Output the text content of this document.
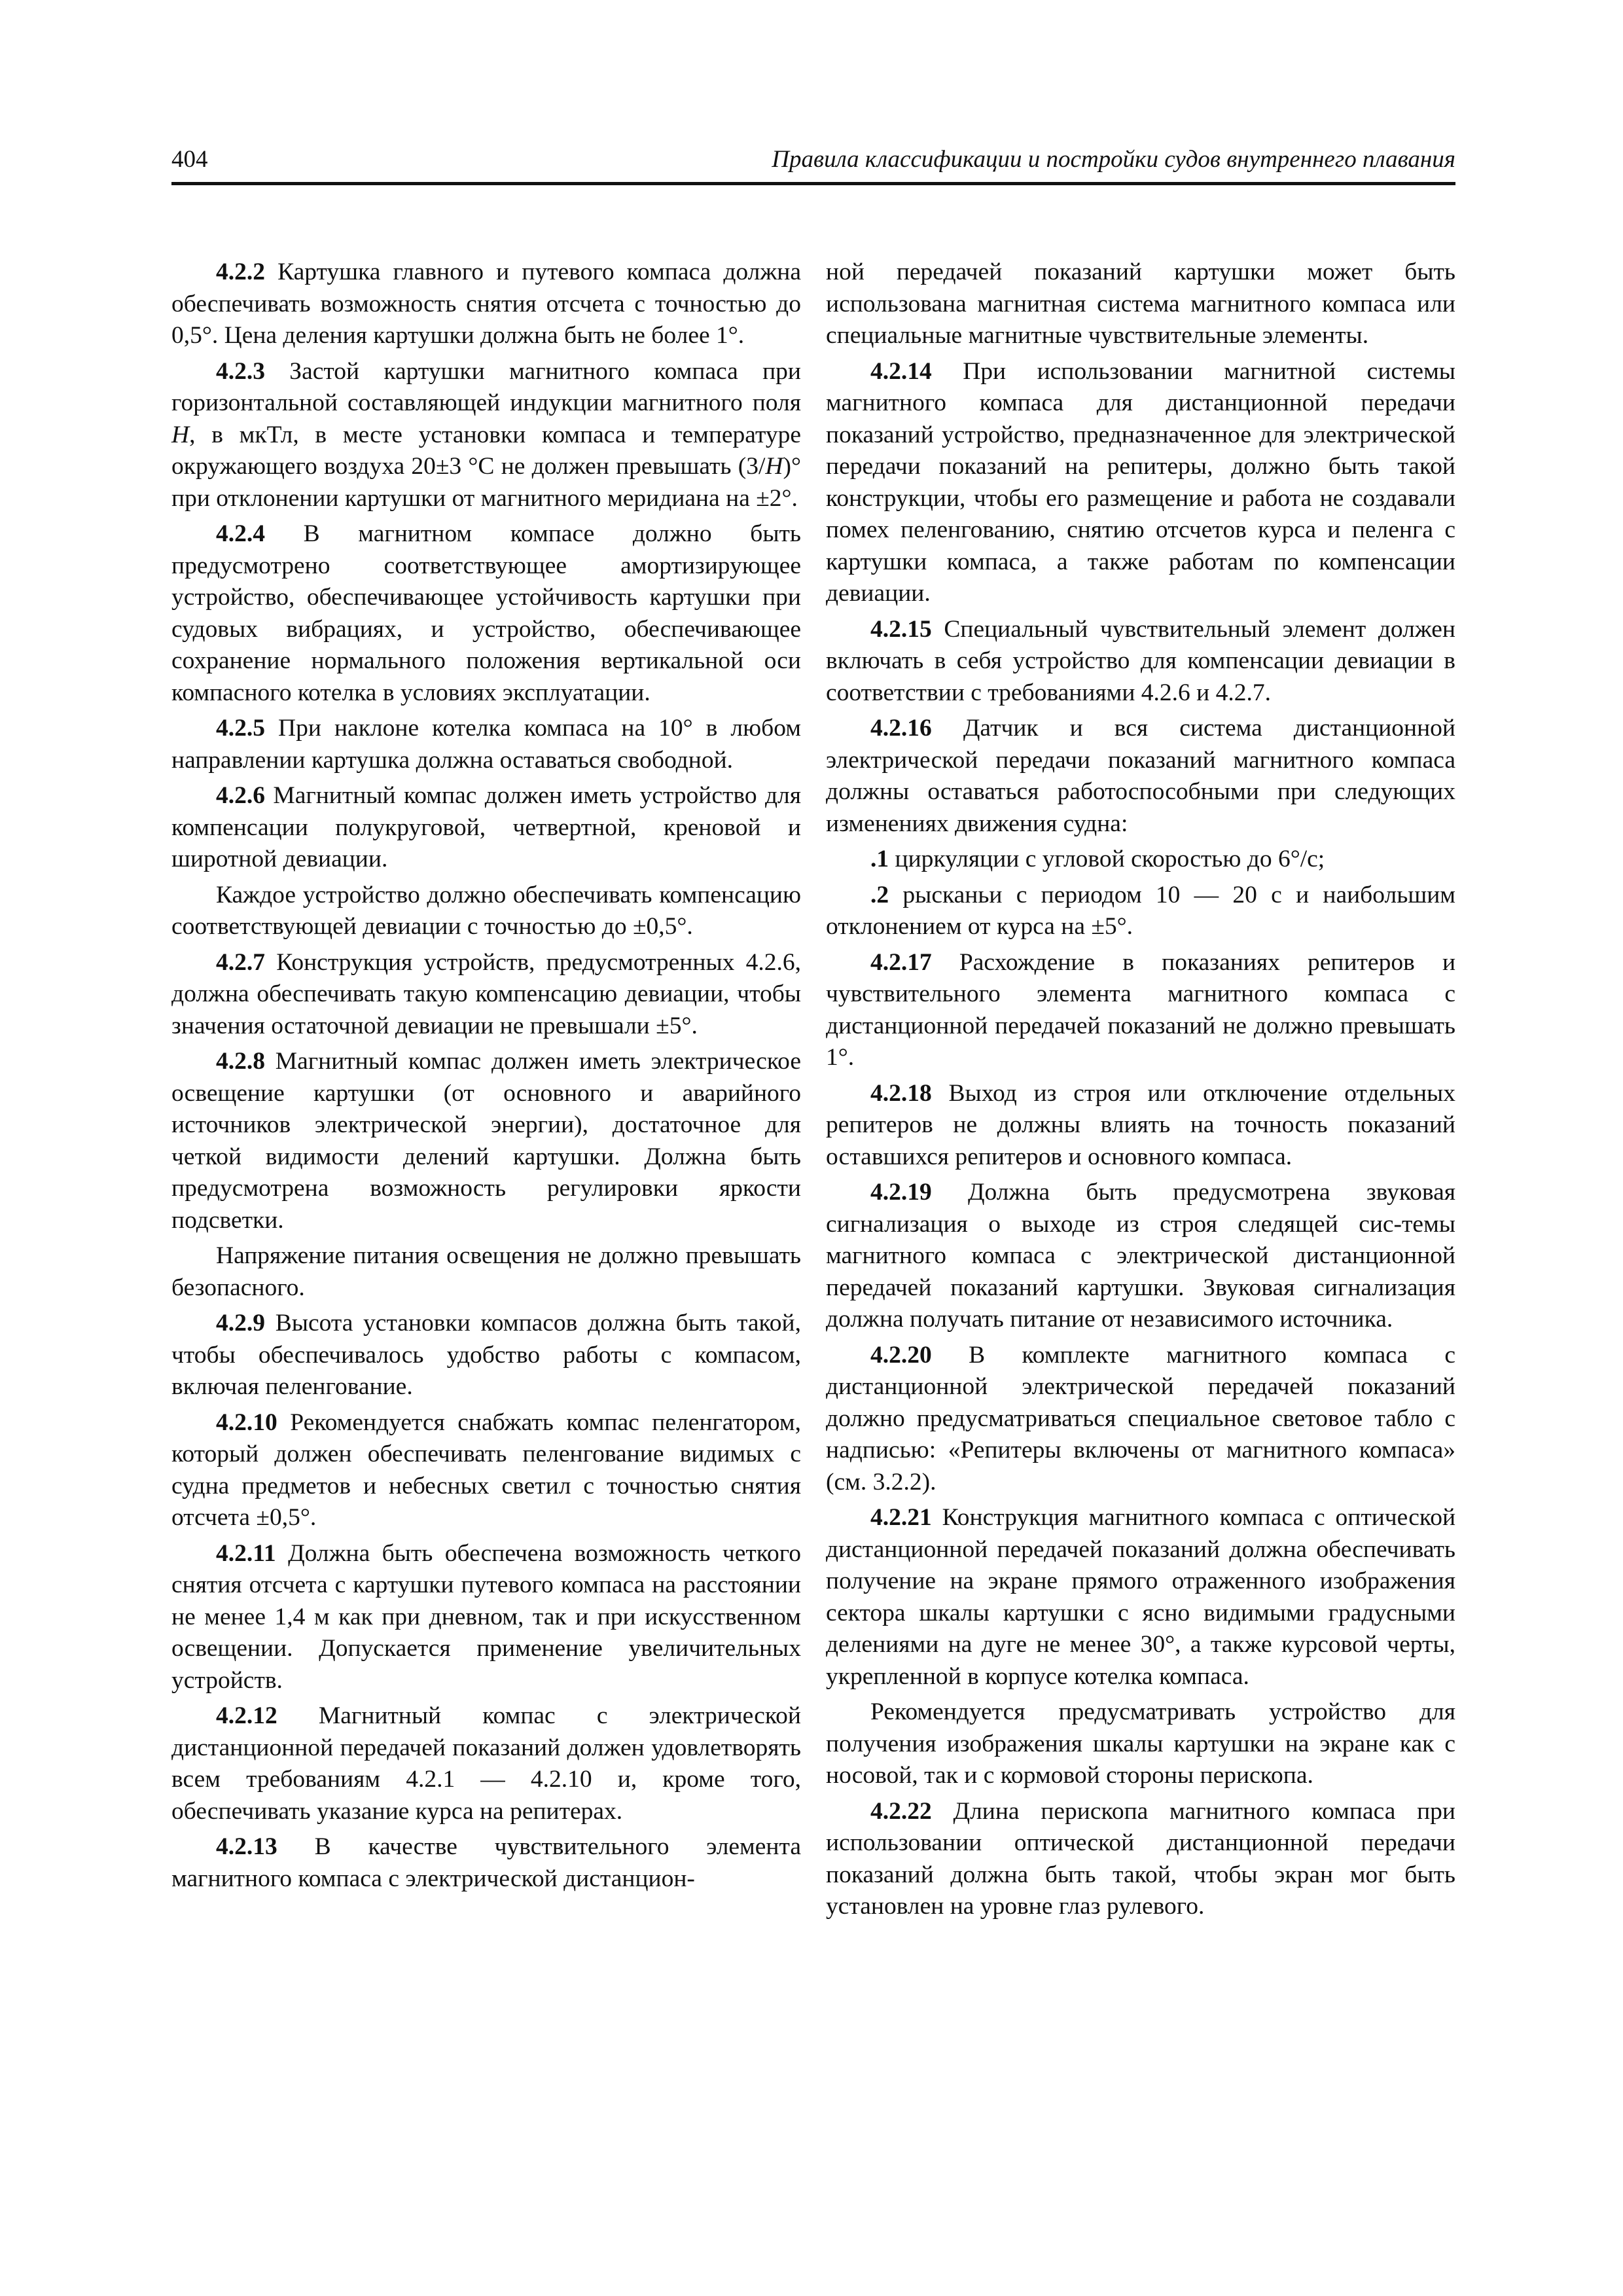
404	Правила классификации и постройки судов внутреннего плавания

4.2.2 Картушка главного и путевого компаса должна обеспечивать возможность снятия отсчета с точностью до 0,5°. Цена деления картушки должна быть не более 1°.

4.2.3 Застой картушки магнитного компаса при горизонтальной составляющей индукции магнитного поля H, в мкТл, в месте установки компаса и температуре окружающего воздуха 20±3 °С не должен превышать (3/H)° при отклонении картушки от магнитного меридиана на ±2°.

4.2.4 В магнитном компасе должно быть предусмотрено соответствующее амортизирующее устройство, обеспечивающее устойчивость картушки при судовых вибрациях, и устройство, обеспечивающее сохранение нормального положения вертикальной оси компасного котелка в условиях эксплуатации.

4.2.5 При наклоне котелка компаса на 10° в любом направлении картушка должна оставаться свободной.

4.2.6 Магнитный компас должен иметь устройство для компенсации полукруговой, четвертной, креновой и широтной девиации.

Каждое устройство должно обеспечивать компенсацию соответствующей девиации с точностью до ±0,5°.

4.2.7 Конструкция устройств, предусмотренных 4.2.6, должна обеспечивать такую компенсацию девиации, чтобы значения остаточной девиации не превышали ±5°.

4.2.8 Магнитный компас должен иметь электрическое освещение картушки (от основного и аварийного источников электрической энергии), достаточное для четкой видимости делений картушки. Должна быть предусмотрена возможность регулировки яркости подсветки.

Напряжение питания освещения не должно превышать безопасного.

4.2.9 Высота установки компасов должна быть такой, чтобы обеспечивалось удобство работы с компасом, включая пеленгование.

4.2.10 Рекомендуется снабжать компас пеленгатором, который должен обеспечивать пеленгование видимых с судна предметов и небесных светил с точностью снятия отсчета ±0,5°.

4.2.11 Должна быть обеспечена возможность четкого снятия отсчета с картушки путевого компаса на расстоянии не менее 1,4 м как при дневном, так и при искусственном освещении. Допускается применение увеличительных устройств.

4.2.12 Магнитный компас с электрической дистанционной передачей показаний должен удовлетворять всем требованиям 4.2.1 — 4.2.10 и, кроме того, обеспечивать указание курса на репитерах.

4.2.13 В качестве чувствительного элемента магнитного компаса с электрической дистанцион-

ной передачей показаний картушки может быть использована магнитная система магнитного компаса или специальные магнитные чувствительные элементы.

4.2.14 При использовании магнитной системы магнитного компаса для дистанционной передачи показаний устройство, предназначенное для электрической передачи показаний на репитеры, должно быть такой конструкции, чтобы его размещение и работа не создавали помех пеленгованию, снятию отсчетов курса и пеленга с картушки компаса, а также работам по компенсации девиации.

4.2.15 Специальный чувствительный элемент должен включать в себя устройство для компенсации девиации в соответствии с требованиями 4.2.6 и 4.2.7.

4.2.16 Датчик и вся система дистанционной электрической передачи показаний магнитного компаса должны оставаться работоспособными при следующих изменениях движения судна:

.1 циркуляции с угловой скоростью до 6°/с;

.2 рысканьи с периодом 10 — 20 с и наибольшим отклонением от курса на ±5°.

4.2.17 Расхождение в показаниях репитеров и чувствительного элемента магнитного компаса с дистанционной передачей показаний не должно превышать 1°.

4.2.18 Выход из строя или отключение отдельных репитеров не должны влиять на точность показаний оставшихся репитеров и основного компаса.

4.2.19 Должна быть предусмотрена звуковая сигнализация о выходе из строя следящей сис-темы магнитного компаса с электрической дистанционной передачей показаний картушки. Звуковая сигнализация должна получать питание от независимого источника.

4.2.20 В комплекте магнитного компаса с дистанционной электрической передачей показаний должно предусматриваться специальное световое табло с надписью: «Репитеры включены от магнитного компаса» (см. 3.2.2).

4.2.21 Конструкция магнитного компаса с оптической дистанционной передачей показаний должна обеспечивать получение на экране прямого отраженного изображения сектора шкалы картушки с ясно видимыми градусными делениями на дуге не менее 30°, а также курсовой черты, укрепленной в корпусе котелка компаса.

Рекомендуется предусматривать устройство для получения изображения шкалы картушки на экране как с носовой, так и с кормовой стороны перископа.

4.2.22 Длина перископа магнитного компаса при использовании оптической дистанционной передачи показаний должна быть такой, чтобы экран мог быть установлен на уровне глаз рулевого.
